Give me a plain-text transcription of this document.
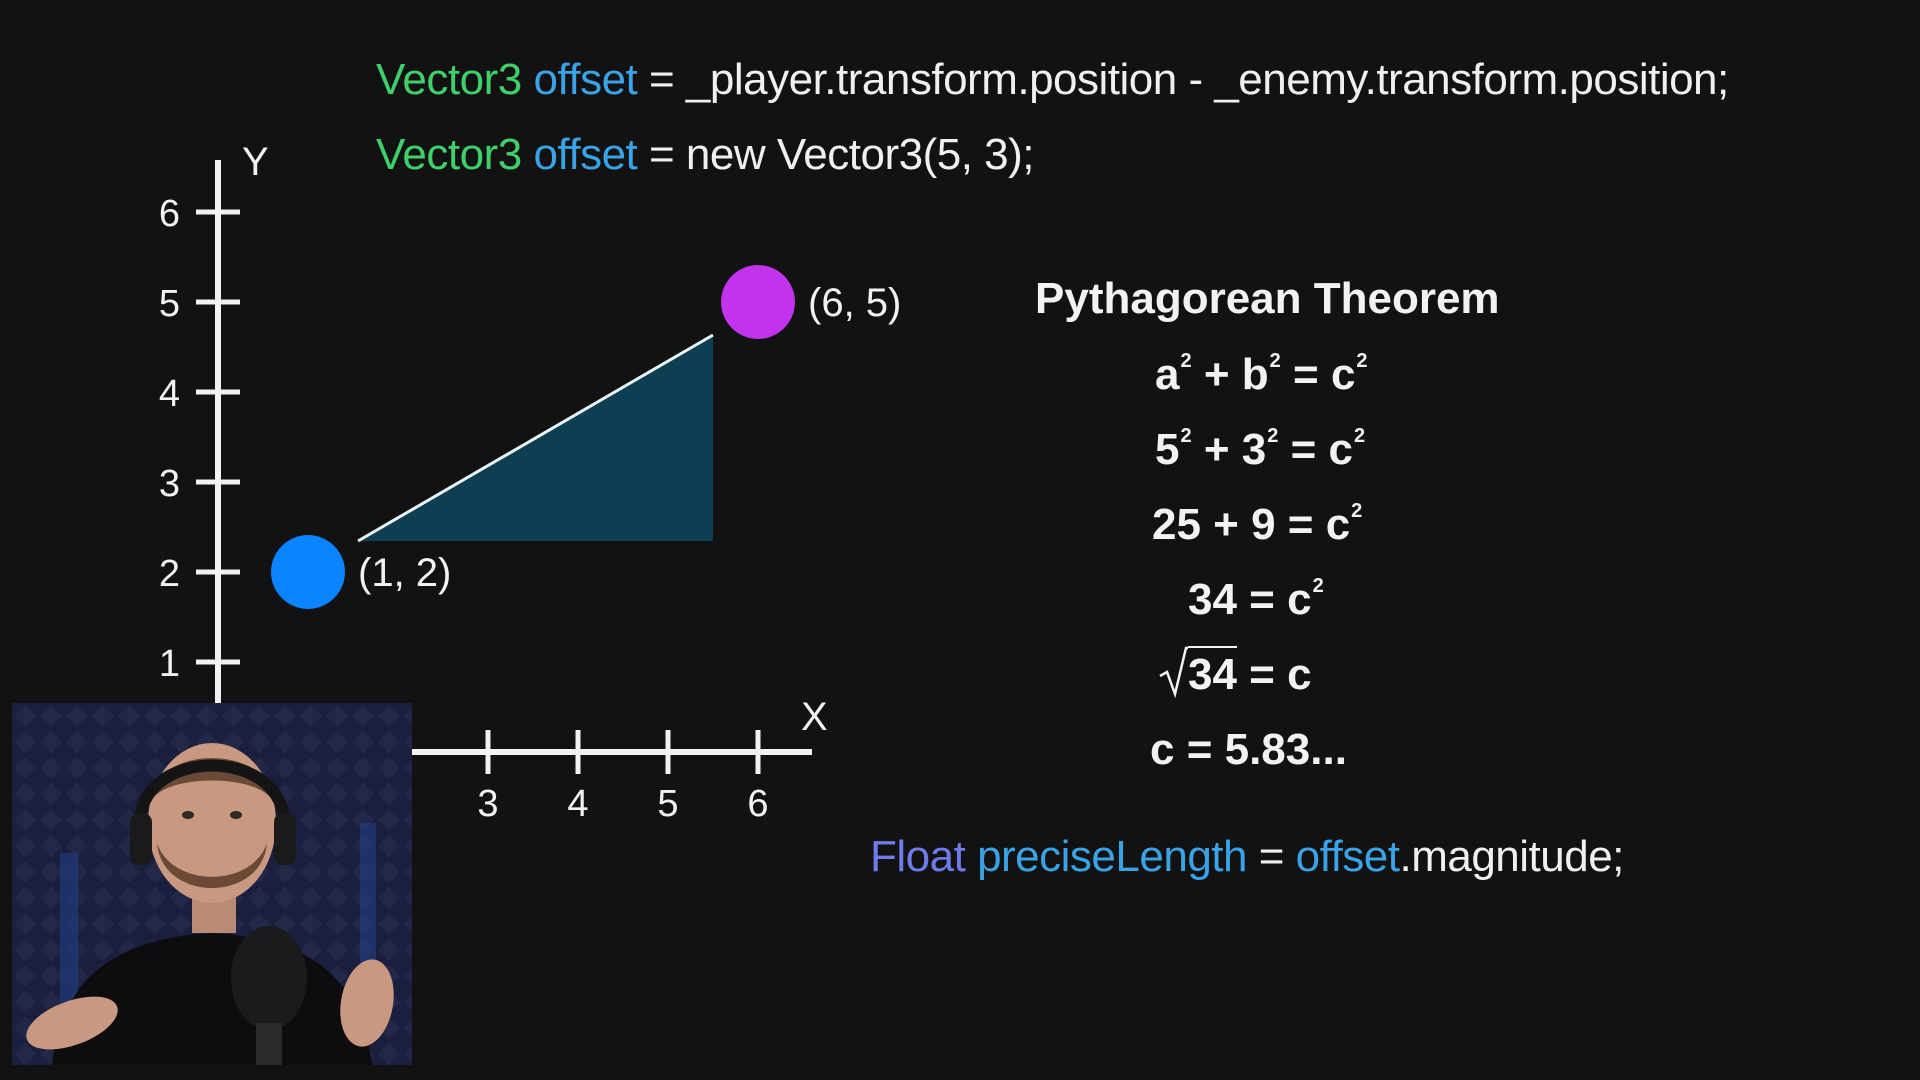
Vector3 offset = _player.transform.position - _enemy.transform.position;
Vector3 offset = new Vector3(5, 3);
Float preciseLength = offset.magnitude;
Y
X
1
2
3
4
5
6
3 4 5 6
(1, 2)
(6, 5)	Pythagorean Theorem
$a^2 + b^2 = c^2$
$5^2 + 3^2 = c^2$
$25 + 9 = c^2$
$34 = c^2$
34 = c
c = 5.83...
